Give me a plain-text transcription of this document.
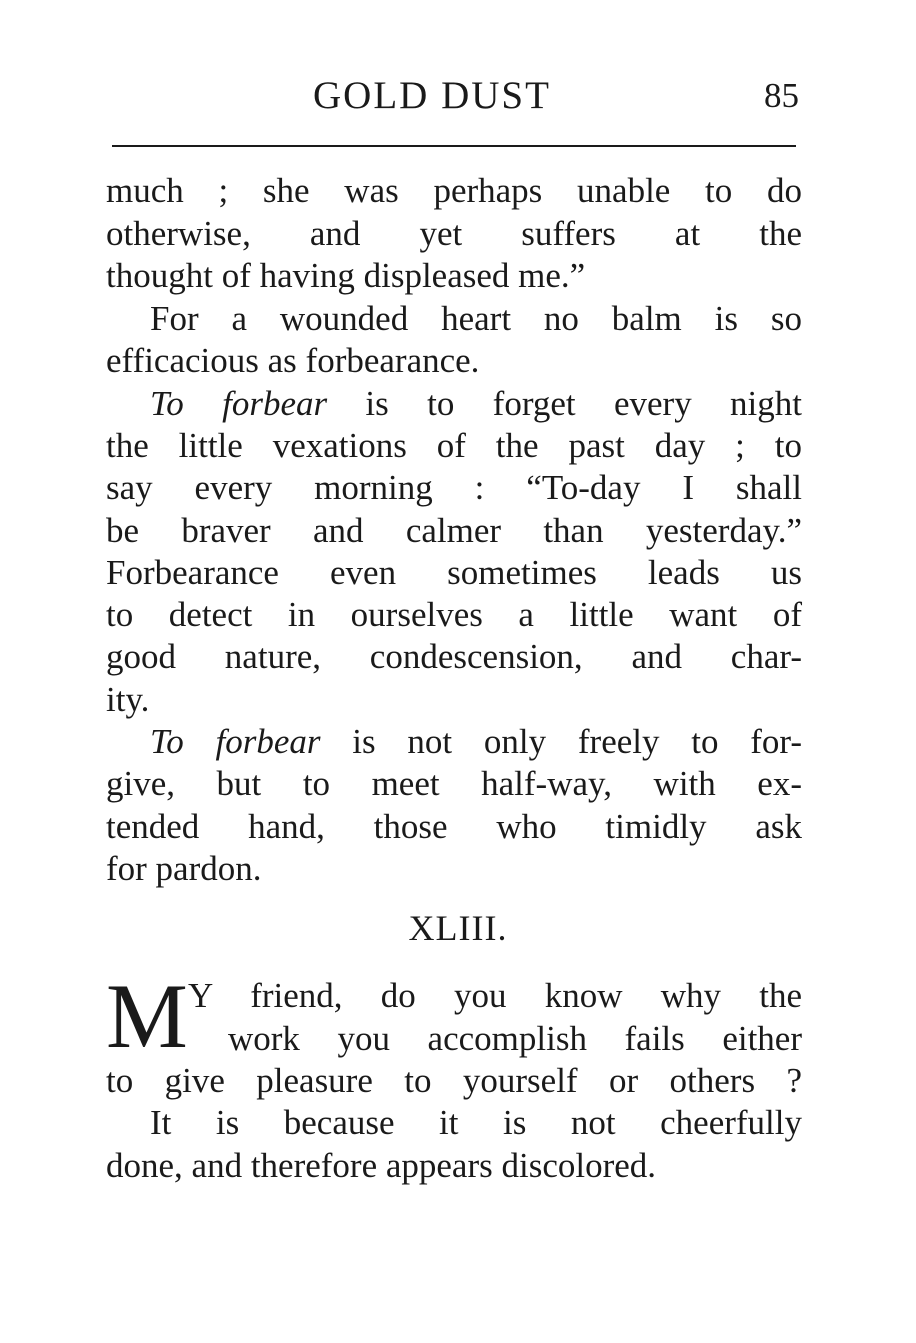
GOLD DUST	85
much ; she was perhaps unable to do
otherwise, and yet suffers at the
thought of having displeased me.”
For a wounded heart no balm is so
efficacious as forbearance.
To forbear is to forget every night
the little vexations of the past day ; to
say every morning : “To-day I shall
be braver and calmer than yesterday.”
Forbearance even sometimes leads us
to detect in ourselves a little want of
good nature, condescension, and char-
ity.
To forbear is not only freely to for-
give, but to meet half-way, with ex-
tended hand, those who timidly ask
for pardon.
XLIII.
M Y friend, do you know why the
work you accomplish fails either
to give pleasure to yourself or others ?
It is because it is not cheerfully
done, and therefore appears discolored.
